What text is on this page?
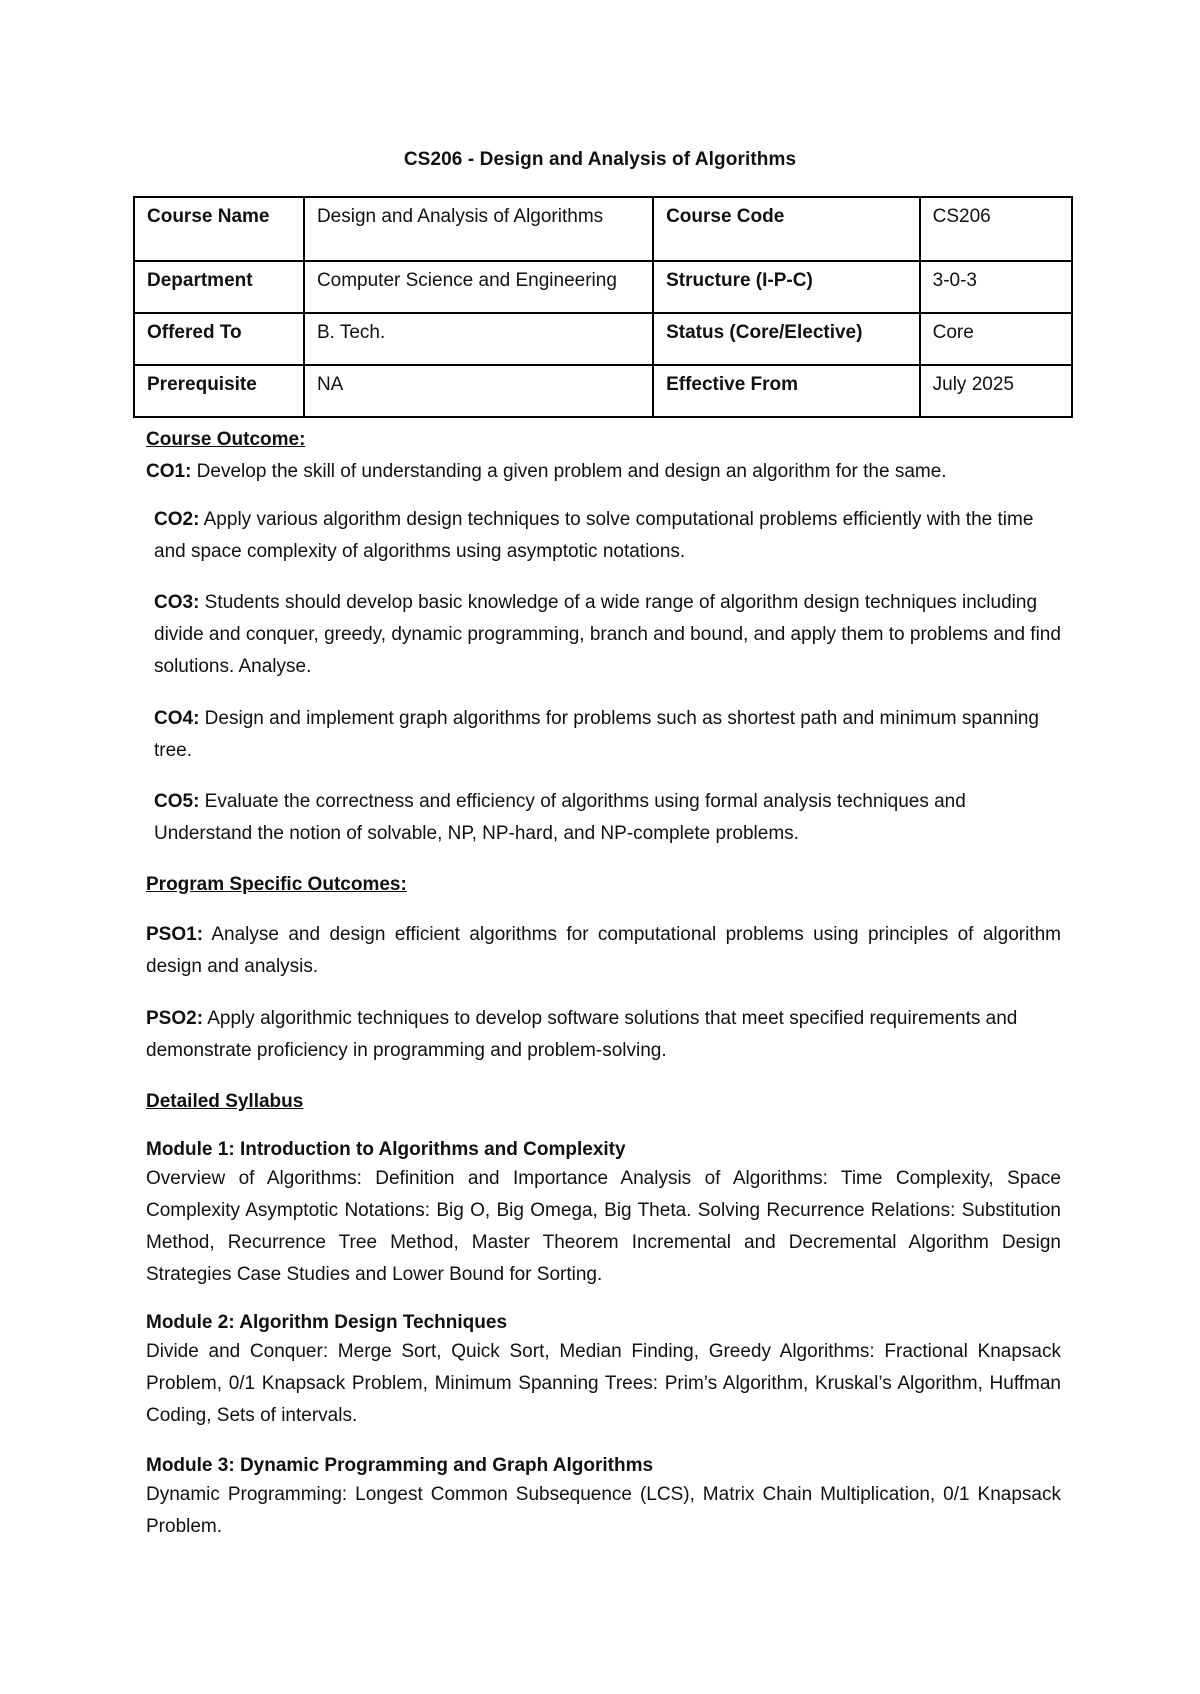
CS206 - Design and Analysis of Algorithms
Course Name	Design and Analysis of Algorithms	Course Code	CS206
Department	Computer Science and Engineering	Structure (I-P-C)	3-0-3
Offered To	B. Tech.	Status (Core/Elective)	Core
Prerequisite	NA	Effective From	July 2025
Course Outcome:
CO1: Develop the skill of understanding a given problem and design an algorithm for the same.
CO2: Apply various algorithm design techniques to solve computational problems efficiently with the time and space complexity of algorithms using asymptotic notations.
CO3: Students should develop basic knowledge of a wide range of algorithm design techniques including divide and conquer, greedy, dynamic programming, branch and bound, and apply them to problems and find solutions. Analyse.
CO4: Design and implement graph algorithms for problems such as shortest path and minimum spanning tree.
CO5: Evaluate the correctness and efficiency of algorithms using formal analysis techniques and Understand the notion of solvable, NP, NP-hard, and NP-complete problems.
Program Specific Outcomes:
PSO1: Analyse and design efficient algorithms for computational problems using principles of algorithm design and analysis.
PSO2: Apply algorithmic techniques to develop software solutions that meet specified requirements and demonstrate proficiency in programming and problem-solving.
Detailed Syllabus
Module 1: Introduction to Algorithms and Complexity
Overview of Algorithms: Definition and Importance Analysis of Algorithms: Time Complexity, Space Complexity Asymptotic Notations: Big O, Big Omega, Big Theta. Solving Recurrence Relations: Substitution Method, Recurrence Tree Method, Master Theorem Incremental and Decremental Algorithm Design Strategies Case Studies and Lower Bound for Sorting.
Module 2: Algorithm Design Techniques
Divide and Conquer: Merge Sort, Quick Sort, Median Finding, Greedy Algorithms: Fractional Knapsack Problem, 0/1 Knapsack Problem, Minimum Spanning Trees: Prim’s Algorithm, Kruskal’s Algorithm, Huffman Coding, Sets of intervals.
Module 3: Dynamic Programming and Graph Algorithms
Dynamic Programming: Longest Common Subsequence (LCS), Matrix Chain Multiplication, 0/1 Knapsack Problem.
